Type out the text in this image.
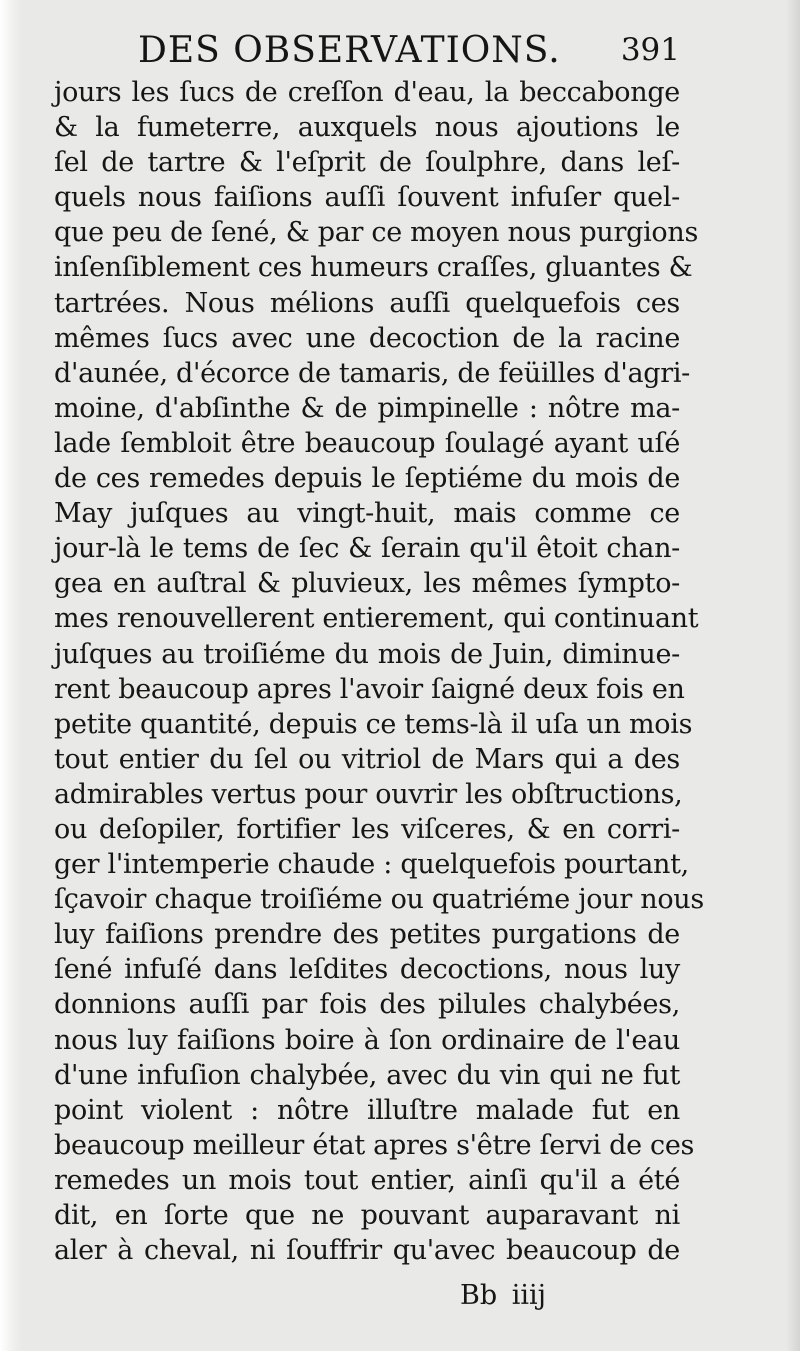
DES OBSERVATIONS. 391
jours les ſucs de creſſon d'eau, la beccabonge
& la fumeterre, auxquels nous ajoutions le
ſel de tartre & l'eſprit de ſoulphre, dans leſ-
quels nous faiſions auſſi ſouvent infuſer quel-
que peu de ſené, & par ce moyen nous purgions
inſenſiblement ces humeurs craſſes, gluantes &
tartrées. Nous mélions auſſi quelquefois ces
mêmes ſucs avec une decoction de la racine
d'aunée, d'écorce de tamaris, de feüilles d'agri-
moine, d'abſinthe & de pimpinelle : nôtre ma-
lade ſembloit être beaucoup ſoulagé ayant uſé
de ces remedes depuis le ſeptiéme du mois de
May juſques au vingt-huit, mais comme ce
jour-là le tems de ſec & ſerain qu'il êtoit chan-
gea en auſtral & pluvieux, les mêmes ſympto-
mes renouvellerent entierement, qui continuant
juſques au troiſiéme du mois de Juin, diminue-
rent beaucoup apres l'avoir ſaigné deux fois en
petite quantité, depuis ce tems-là il uſa un mois
tout entier du ſel ou vitriol de Mars qui a des
admirables vertus pour ouvrir les obſtructions,
ou deſopiler, fortifier les viſceres, & en corri-
ger l'intemperie chaude : quelquefois pourtant,
ſçavoir chaque troiſiéme ou quatriéme jour nous
luy faiſions prendre des petites purgations de
ſené infuſé dans leſdites decoctions, nous luy
donnions auſſi par fois des pilules chalybées,
nous luy faiſions boire à ſon ordinaire de l'eau
d'une infuſion chalybée, avec du vin qui ne fut
point violent : nôtre illuſtre malade fut en
beaucoup meilleur état apres s'être ſervi de ces
remedes un mois tout entier, ainſi qu'il a été
dit, en ſorte que ne pouvant auparavant ni
aler à cheval, ni ſouffrir qu'avec beaucoup de
Bb iiij
